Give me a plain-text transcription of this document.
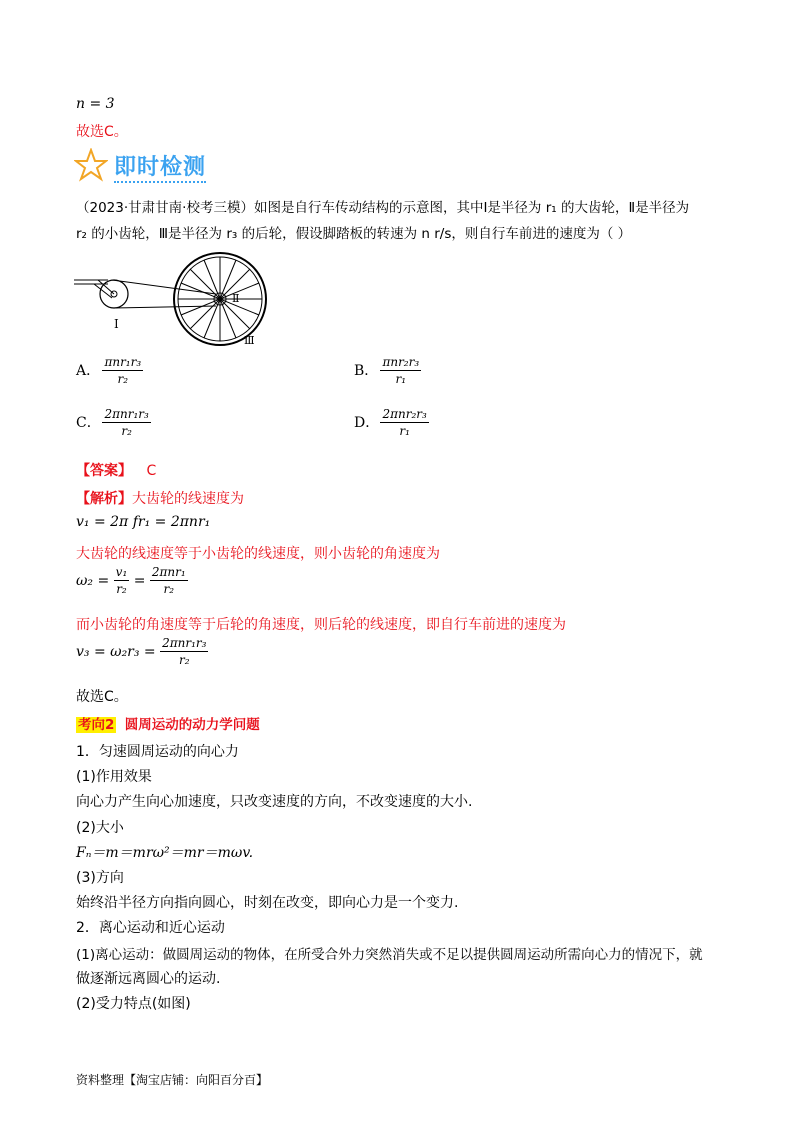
n = 3
故选C。
即时检测
（2023·甘肃甘南·校考三模）如图是自行车传动结构的示意图，其中Ⅰ是半径为 r₁ 的大齿轮，Ⅱ是半径为
r₂ 的小齿轮，Ⅲ是半径为 r₃ 的后轮，假设脚踏板的转速为 n r/s，则自行车前进的速度为（ ）
Ⅰ
Ⅱ
Ⅲ
A． $\frac{\text{πnr₁r₃}}{\text{r₂}}$	B． $\frac{\text{πnr₂r₃}}{\text{r₁}}$
C． $\frac{\text{2πnr₁r₃}}{\text{r₂}}$	D． $\frac{\text{2πnr₂r₃}}{\text{r₁}}$
【答案】 C
【解析】大齿轮的线速度为
v₁ = 2π fr₁ = 2πnr₁
大齿轮的线速度等于小齿轮的线速度，则小齿轮的角速度为
$\omega_2 = \frac{\text{v₁}}{\text{r₂}} = \frac{\text{2πnr₁}}{\text{r₂}}$
而小齿轮的角速度等于后轮的角速度，则后轮的线速度，即自行车前进的速度为
$v_3 = \omega_2r_3 = \frac{\text{2πnr₁r₃}}{\text{r₂}}$
故选C。
考向2 圆周运动的动力学问题
1．匀速圆周运动的向心力
(1)作用效果
向心力产生向心加速度，只改变速度的方向，不改变速度的大小.
(2)大小
Fₙ＝m＝mrω²＝mr＝mωv.
(3)方向
始终沿半径方向指向圆心，时刻在改变，即向心力是一个变力.
2．离心运动和近心运动
(1)离心运动：做圆周运动的物体，在所受合外力突然消失或不足以提供圆周运动所需向心力的情况下，就
做逐渐远离圆心的运动.
(2)受力特点(如图)
资料整理【淘宝店铺：向阳百分百】
